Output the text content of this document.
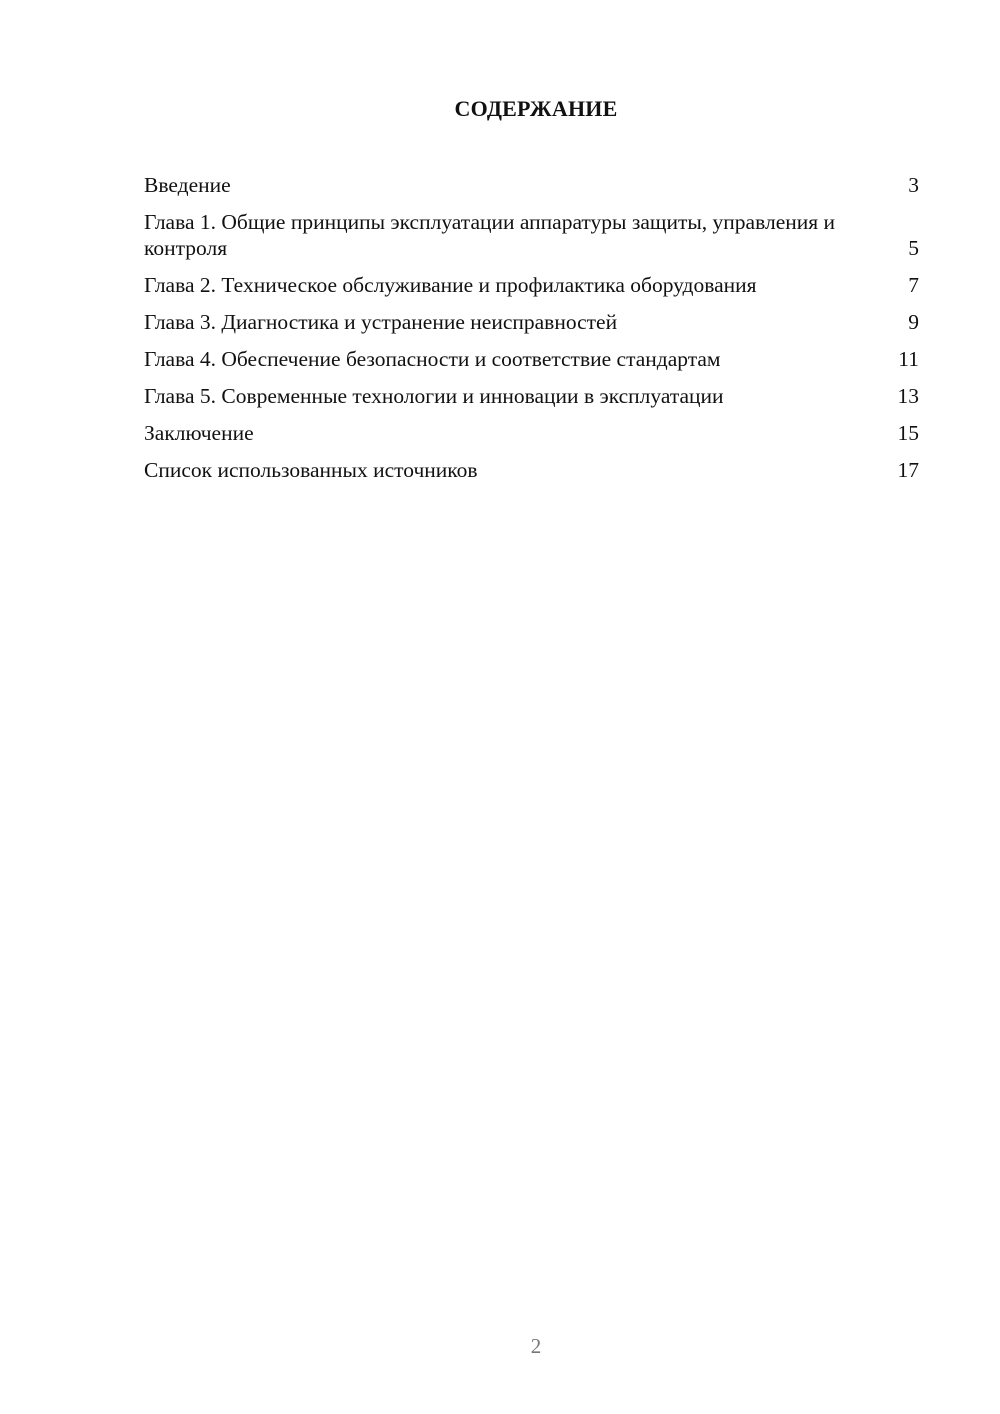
СОДЕРЖАНИЕ
Введение	3
Глава 1. Общие принципы эксплуатации аппаратуры защиты, управления и контроля	5
Глава 2. Техническое обслуживание и профилактика оборудования	7
Глава 3. Диагностика и устранение неисправностей	9
Глава 4. Обеспечение безопасности и соответствие стандартам	11
Глава 5. Современные технологии и инновации в эксплуатации	13
Заключение	15
Список использованных источников	17
2
